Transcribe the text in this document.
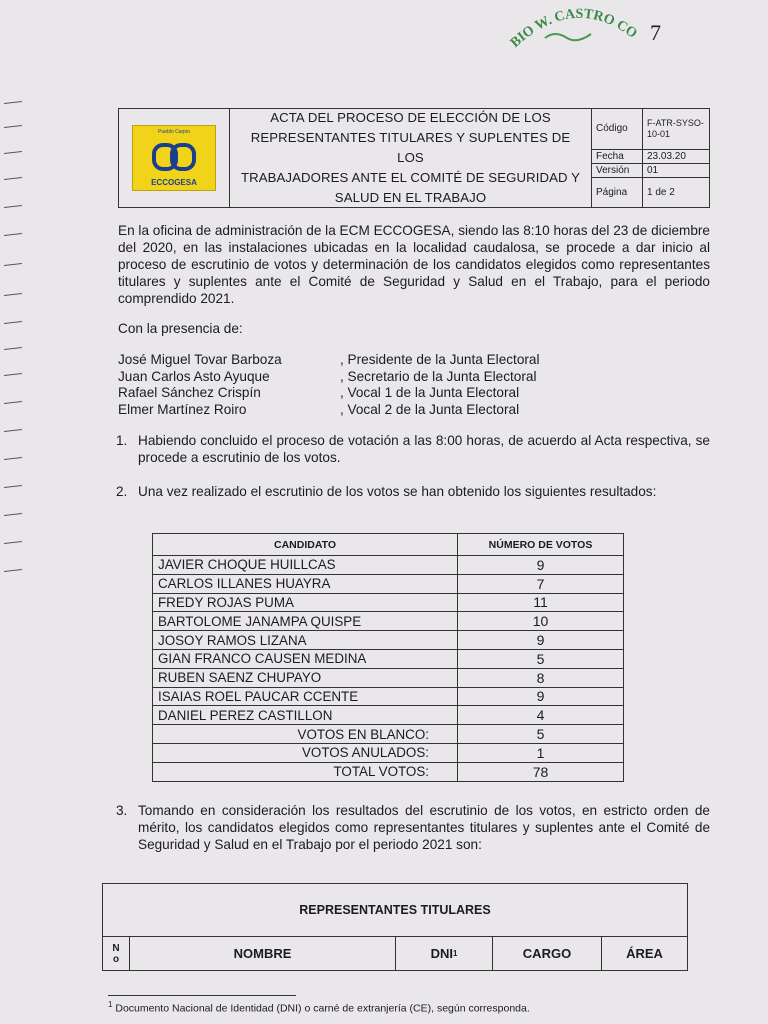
BIO W. CASTRO CO 7
Pueblo Carpio
ECCOGESA
ACTA DEL PROCESO DE ELECCIÓN DE LOS
REPRESENTANTES TITULARES Y SUPLENTES DE LOS
TRABAJADORES ANTE EL COMITÉ DE SEGURIDAD Y
SALUD EN EL TRABAJO
Código	F-ATR-SYSO-10-01
Fecha	23.03.20
Versión	01
Página	1 de 2
En la oficina de administración de la ECM ECCOGESA, siendo las 8:10 horas del 23 de diciembre del 2020, en las instalaciones ubicadas en la localidad caudalosa, se procede a dar inicio al proceso de escrutinio de votos y determinación de los candidatos elegidos como representantes titulares y suplentes ante el Comité de Seguridad y Salud en el Trabajo, para el periodo comprendido 2021.
Con la presencia de:
José Miguel Tovar Barboza	, Presidente de la Junta Electoral
Juan Carlos Asto Ayuque	, Secretario de la Junta Electoral
Rafael Sánchez Crispín	, Vocal 1 de la Junta Electoral
Elmer Martínez Roiro	, Vocal 2 de la Junta Electoral
1. Habiendo concluido el proceso de votación a las 8:00 horas, de acuerdo al Acta respectiva, se procede a escrutinio de los votos.
2. Una vez realizado el escrutinio de los votos se han obtenido los siguientes resultados:
CANDIDATO	NÚMERO DE VOTOS
JAVIER CHOQUE HUILLCAS	9
CARLOS ILLANES HUAYRA	7
FREDY ROJAS PUMA	11
BARTOLOME JANAMPA QUISPE	10
JOSOY RAMOS LIZANA	9
GIAN FRANCO CAUSEN MEDINA	5
RUBEN SAENZ CHUPAYO	8
ISAIAS ROEL PAUCAR CCENTE	9
DANIEL PEREZ CASTILLON	4
VOTOS EN BLANCO:	5
VOTOS ANULADOS:	1
TOTAL VOTOS:	78
3. Tomando en consideración los resultados del escrutinio de los votos, en estricto orden de mérito, los candidatos elegidos como representantes titulares y suplentes ante el Comité de Seguridad y Salud en el Trabajo por el periodo 2021 son:
REPRESENTANTES TITULARES
N
o	NOMBRE	DNI 1	CARGO	ÁREA
$^1$ Documento Nacional de Identidad (DNI) o carné de extranjería (CE), según corresponda.
